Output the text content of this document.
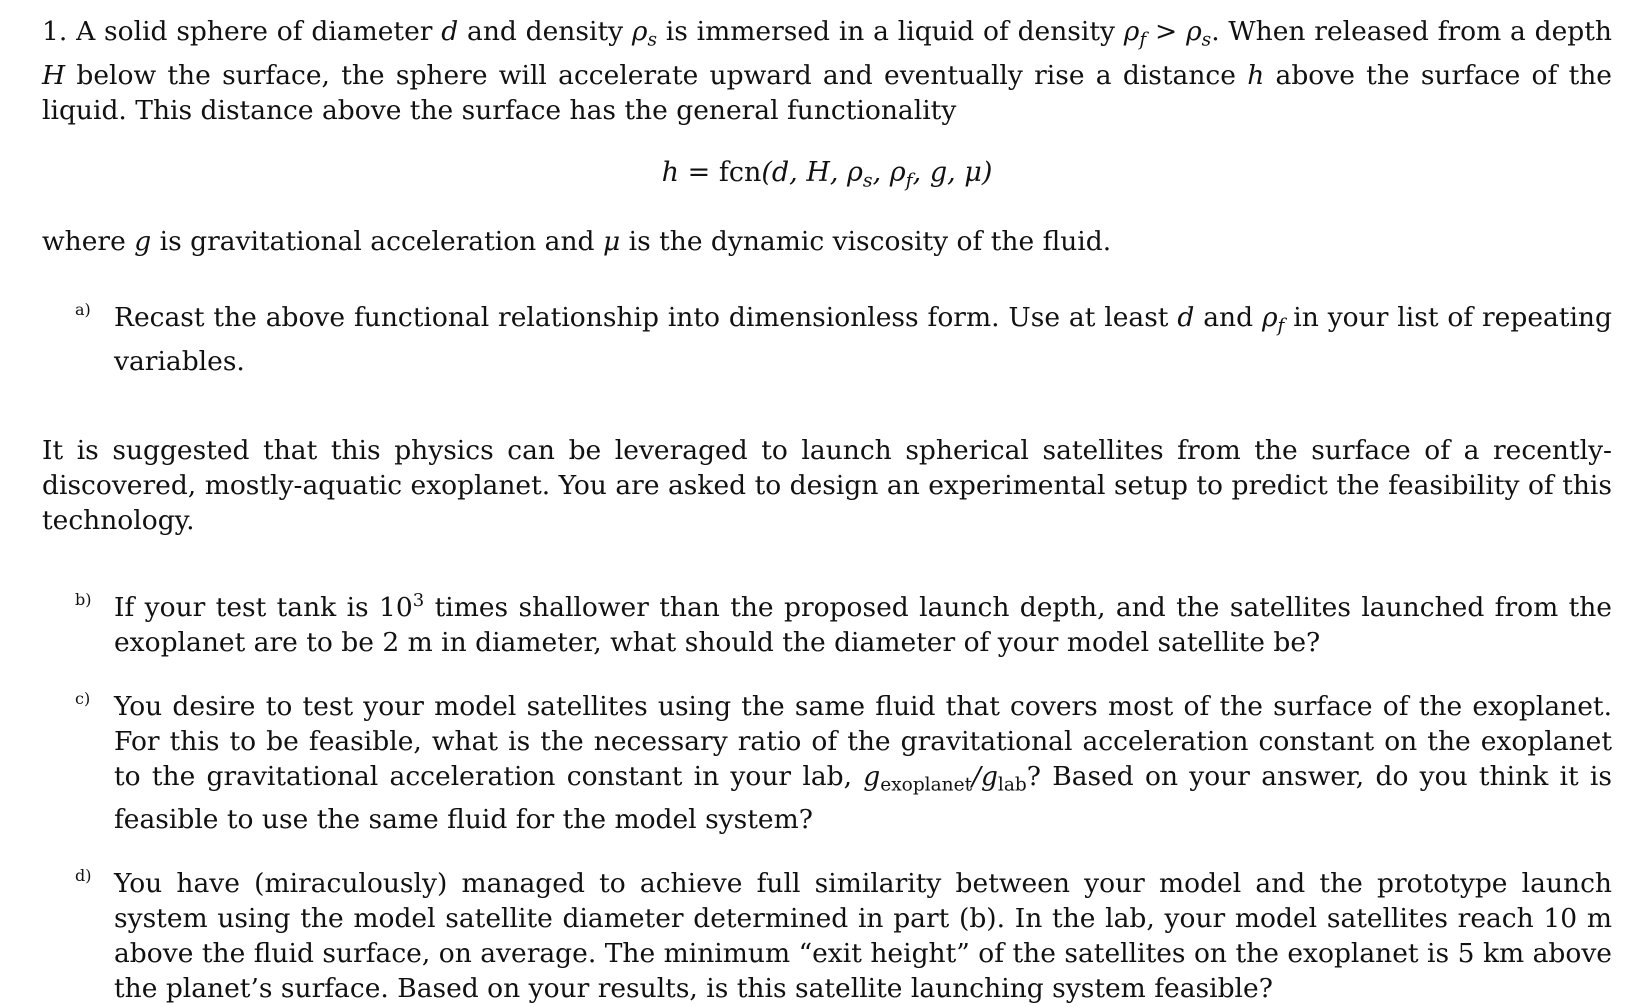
1. A solid sphere of diameter d and density $\rho_s$ is immersed in a liquid of density $\rho_f > \rho_s$. When released from a depth H below the surface, the sphere will accelerate upward and eventually rise a distance h above the surface of the liquid. This distance above the surface has the general functionality

h = fcn(d, H, $\rho_s$, $\rho_f$, g, μ)

where g is gravitational acceleration and μ is the dynamic viscosity of the fluid.

a) Recast the above functional relationship into dimensionless form. Use at least d and $\rho_f$ in your list of repeating variables.

It is suggested that this physics can be leveraged to launch spherical satellites from the surface of a recently-discovered, mostly-aquatic exoplanet. You are asked to design an experimental setup to predict the feasibility of this technology.

b) If your test tank is $10^3$ times shallower than the proposed launch depth, and the satellites launched from the exoplanet are to be 2 m in diameter, what should the diameter of your model satellite be?

c) You desire to test your model satellites using the same fluid that covers most of the surface of the exoplanet. For this to be feasible, what is the necessary ratio of the gravitational acceleration constant on the exoplanet to the gravitational acceleration constant in your lab, $g_{exoplanet}/g_{lab}$? Based on your answer, do you think it is feasible to use the same fluid for the model system?

d) You have (miraculously) managed to achieve full similarity between your model and the prototype launch system using the model satellite diameter determined in part (b). In the lab, your model satellites reach 10 m above the fluid surface, on average. The minimum “exit height” of the satellites on the exoplanet is 5 km above the planet’s surface. Based on your results, is this satellite launching system feasible?
